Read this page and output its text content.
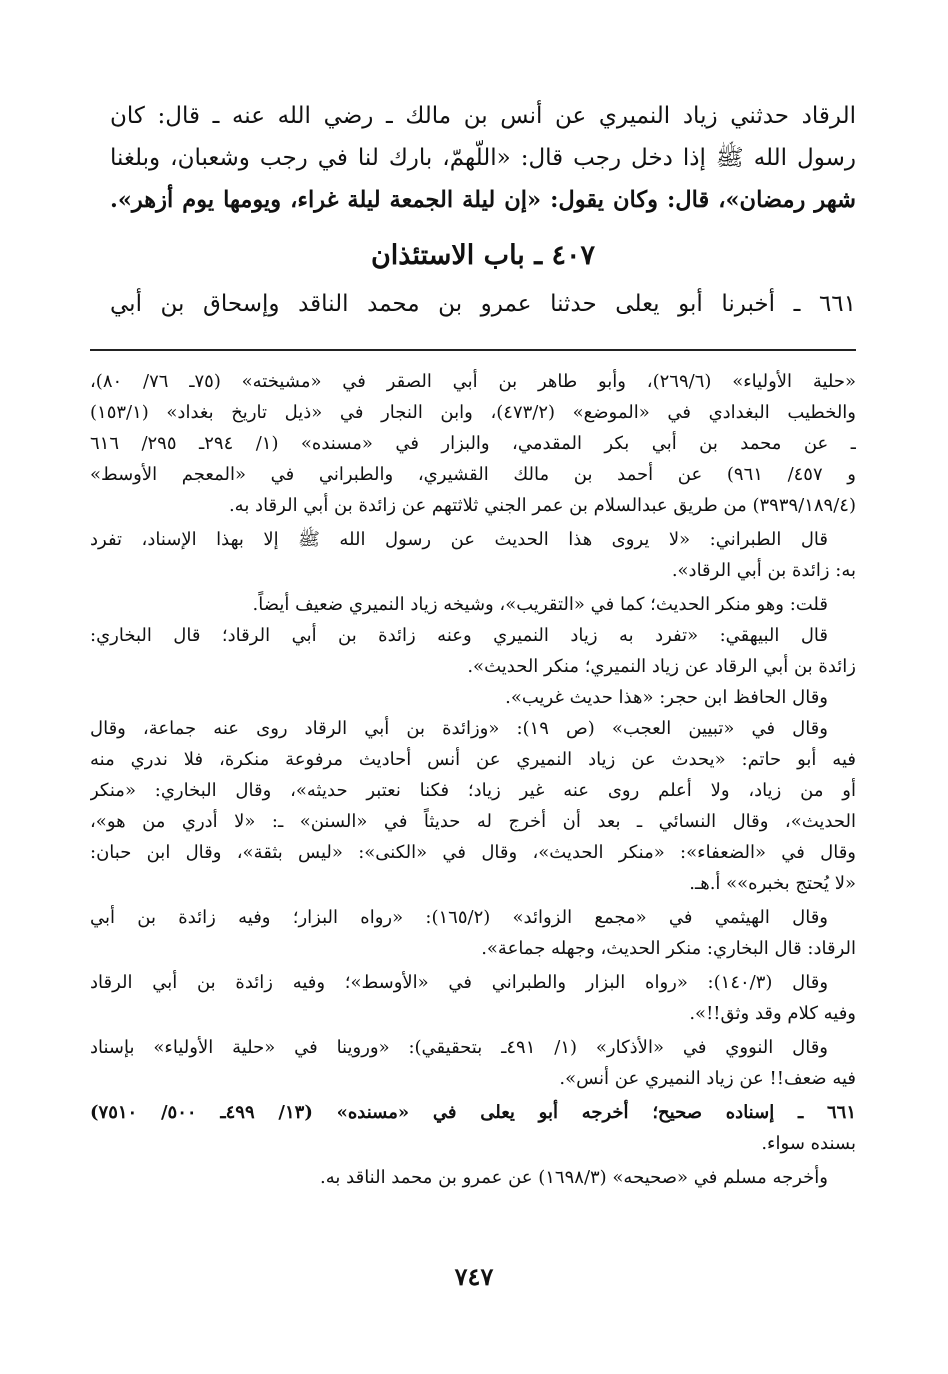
الرقاد حدثني زياد النميري عن أنس بن مالك ـ رضي الله عنه ـ قال: كان
رسول الله ﷺ إذا دخل رجب قال: «اللّهمّ، بارك لنا في رجب وشعبان، وبلغنا
شهر رمضان»، قال: وكان يقول: «إن ليلة الجمعة ليلة غراء، ويومها يوم أزهر».
٤٠٧ ـ باب الاستئذان
٦٦١ ـ أخبرنا أبو يعلى حدثنا عمرو بن محمد الناقد وإسحاق بن أبي
«حلية الأولياء» (٢٦٩/٦)، وأبو طاهر بن أبي الصقر في «مشيخته» (٧٥ـ ٧٦/ ٨٠)،
والخطيب البغدادي في «الموضع» (٤٧٣/٢)، وابن النجار في «ذيل تاريخ بغداد» (١٥٣/١)
ـ عن محمد بن أبي بكر المقدمي، والبزار في «مسنده» (١/ ٢٩٤ـ ٢٩٥/ ٦١٦
و ٤٥٧/ ٩٦١) عن أحمد بن مالك القشيري، والطبراني في «المعجم الأوسط»
(٣٩٣٩/١٨٩/٤) من طريق عبدالسلام بن عمر الجني ثلاثتهم عن زائدة بن أبي الرقاد به.
قال الطبراني: «لا يروى هذا الحديث عن رسول الله ﷺ إلا بهذا الإسناد، تفرد
به: زائدة بن أبي الرقاد».
قلت: وهو منكر الحديث؛ كما في «التقريب»، وشيخه زياد النميري ضعيف أيضاً.
قال البيهقي: «تفرد به زياد النميري وعنه زائدة بن أبي الرقاد؛ قال البخاري:
زائدة بن أبي الرقاد عن زياد النميري؛ منكر الحديث».
وقال الحافظ ابن حجر: «هذا حديث غريب».
وقال في «تبيين العجب» (ص ١٩): «وزائدة بن أبي الرقاد روى عنه جماعة، وقال
فيه أبو حاتم: «يحدث عن زياد النميري عن أنس أحاديث مرفوعة منكرة، فلا ندري منه
أو من زياد، ولا أعلم روى عنه غير زياد؛ فكنا نعتبر حديثه»، وقال البخاري: «منكر
الحديث»، وقال النسائي ـ بعد أن أخرج له حديثاً في «السنن» ـ: «لا أدري من هو»،
وقال في «الضعفاء»: «منكر الحديث»، وقال في «الكنى»: «ليس بثقة»، وقال ابن حبان:
«لا يُحتج بخبره»» أ.هـ.
وقال الهيثمي في «مجمع الزوائد» (١٦٥/٢): «رواه البزار؛ وفيه زائدة بن أبي
الرقاد: قال البخاري: منكر الحديث، وجهله جماعة».
وقال (١٤٠/٣): «رواه البزار والطبراني في «الأوسط»؛ وفيه زائدة بن أبي الرقاد
وفيه كلام وقد وثق!!».
وقال النووي في «الأذكار» (١/ ٤٩١ـ بتحقيقي): «وروينا في «حلية الأولياء» بإسناد
فيه ضعف!! عن زياد النميري عن أنس».
٦٦١ ـ إسناده صحيح؛ أخرجه أبو يعلى في «مسنده» (١٣/ ٤٩٩ـ ٥٠٠/ ٧٥١٠)
بسنده سواء.
وأخرجه مسلم في «صحيحه» (١٦٩٨/٣) عن عمرو بن محمد الناقد به.
٧٤٧
